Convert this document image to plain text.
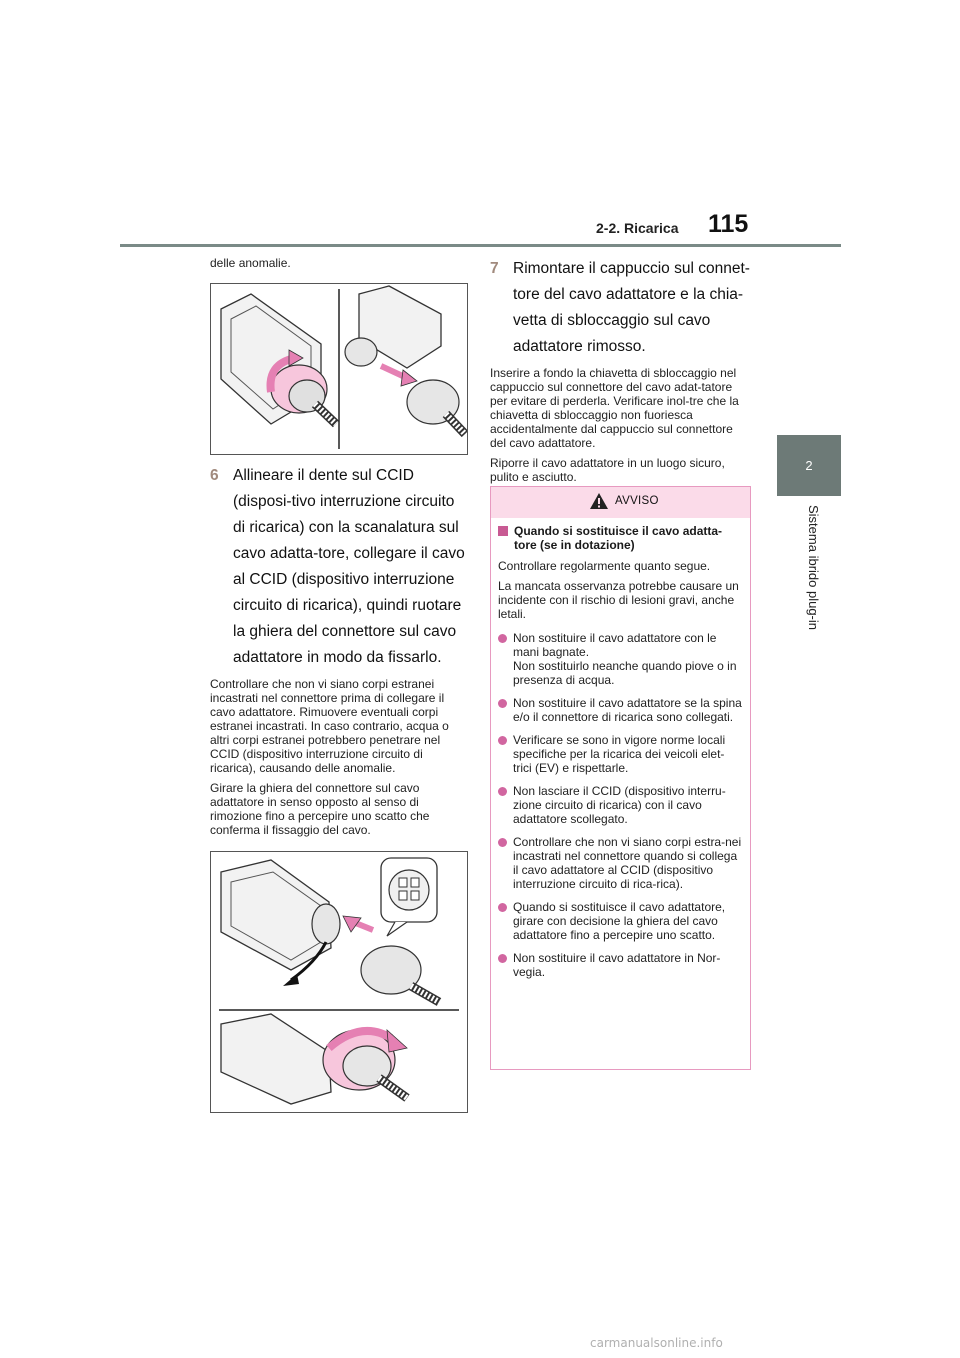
2-2. Ricarica 115
2
Sistema ibrido plug-in

delle anomalie.

6 Allineare il dente sul CCID (disposi-tivo interruzione circuito di ricarica) con la scanalatura sul cavo adatta-tore, collegare il cavo al CCID (dispositivo interruzione circuito di ricarica), quindi ruotare la ghiera del connettore sul cavo adattatore in modo da fissarlo.

Controllare che non vi siano corpi estranei incastrati nel connettore prima di collegare il cavo adattatore. Rimuovere eventuali corpi estranei incastrati. In caso contrario, acqua o altri corpi estranei potrebbero penetrare nel CCID (dispositivo interruzione circuito di ricarica), causando delle anomalie.

Girare la ghiera del connettore sul cavo adattatore in senso opposto al senso di rimozione fino a percepire uno scatto che conferma il fissaggio del cavo.

7 Rimontare il cappuccio sul connet-tore del cavo adattatore e la chia-vetta di sbloccaggio sul cavo adattatore rimosso.

Inserire a fondo la chiavetta di sbloccaggio nel cappuccio sul connettore del cavo adat-tatore per evitare di perderla. Verificare inol-tre che la chiavetta di sbloccaggio non fuoriesca accidentalmente dal cappuccio sul connettore del cavo adattatore.

Riporre il cavo adattatore in un luogo sicuro, pulito e asciutto.

AVVISO
Quando si sostituisce il cavo adatta-tore (se in dotazione)

Controllare regolarmente quanto segue.

La mancata osservanza potrebbe causare un incidente con il rischio di lesioni gravi, anche letali.

Non sostituire il cavo adattatore con le mani bagnate.
Non sostituirlo neanche quando piove o in presenza di acqua.
Non sostituire il cavo adattatore se la spina e/o il connettore di ricarica sono collegati.
Verificare se sono in vigore norme locali specifiche per la ricarica dei veicoli elet-trici (EV) e rispettarle.
Non lasciare il CCID (dispositivo interru-zione circuito di ricarica) con il cavo adattatore scollegato.
Controllare che non vi siano corpi estra-nei incastrati nel connettore quando si collega il cavo adattatore al CCID (dispositivo interruzione circuito di rica-rica).
Quando si sostituisce il cavo adattatore, girare con decisione la ghiera del cavo adattatore fino a percepire uno scatto.
Non sostituire il cavo adattatore in Nor-vegia.
carmanualsonline.info
